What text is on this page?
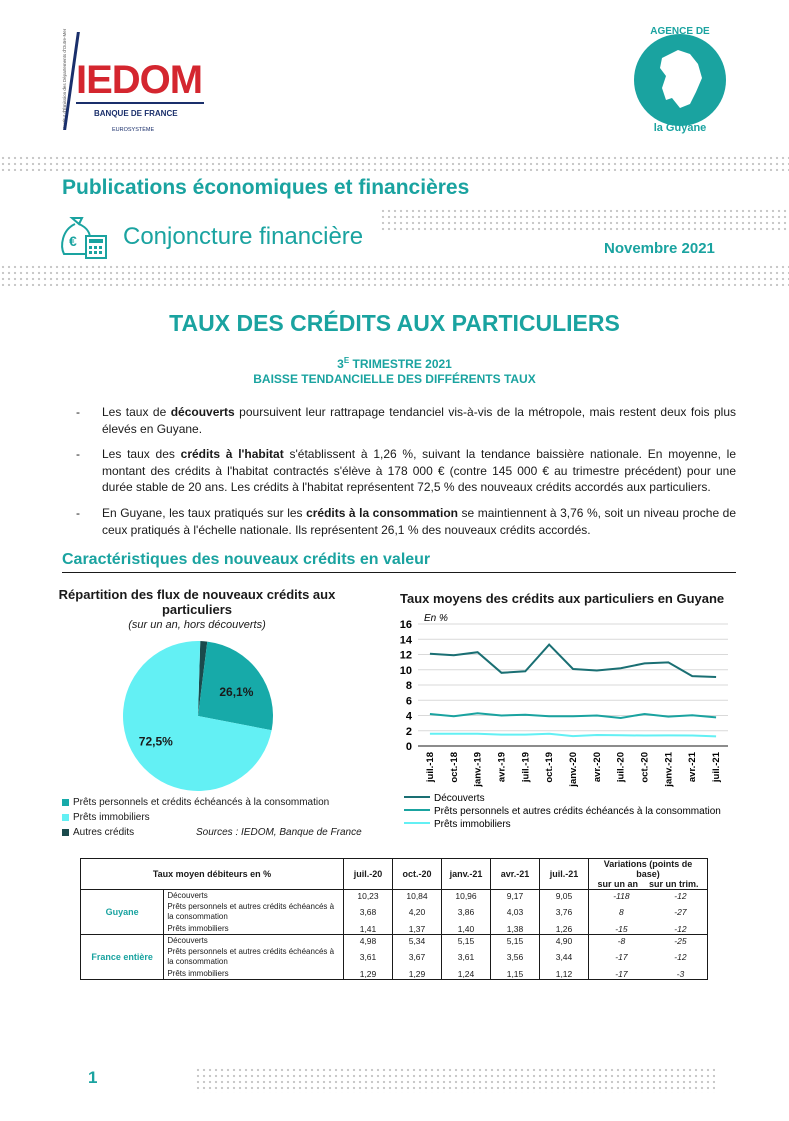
Institut d'Émission des Départements d'Outre-Mer IEDOM
BANQUE DE FRANCE
EUROSYSTÈME
AGENCE DE
la Guyane
Publications économiques et financières
€ Conjoncture financière	Novembre 2021
TAUX DES CRÉDITS AUX PARTICULIERS
$3^E$ TRIMESTRE 2021
BAISSE TENDANCIELLE DES DIFFÉRENTS TAUX
- Les taux de découverts poursuivent leur rattrapage tendanciel vis-à-vis de la métropole, mais restent deux fois plus élevés en Guyane.
- Les taux des crédits à l'habitat s'établissent à 1,26 %, suivant la tendance baissière nationale. En moyenne, le montant des crédits à l'habitat contractés s'élève à 178 000 € (contre 145 000 € au trimestre précédent) pour une durée stable de 20 ans. Les crédits à l'habitat représentent 72,5 % des nouveaux crédits accordés aux particuliers.
- En Guyane, les taux pratiqués sur les crédits à la consommation se maintiennent à 3,76 %, soit un niveau proche de ceux pratiqués à l'échelle nationale. Ils représentent 26,1 % des nouveaux crédits accordés.
Caractéristiques des nouveaux crédits en valeur
Répartition des flux de nouveaux crédits aux particuliers
(sur un an, hors découverts)
26,1%
72,5%
Prêts personnels et crédits échéancés à la consommation
Prêts immobiliers
Autres crédits	Sources : IEDOM, Banque de France
Taux moyens des crédits aux particuliers en Guyane
En %
0
2
4
6
8
10
12
14
16
juil.-18 oct.-18 janv.-19 avr.-19 juil.-19 oct.-19 janv.-20 avr.-20 juil.-20 oct.-20 janv.-21 avr.-21 juil.-21
Découverts
Prêts personnels et autres crédits échéancés à la consommation
Prêts immobiliers
Taux moyen débiteurs en %		juil.-20	oct.-20	janv.-21	avr.-21	juil.-21	Variations (points de base)
sur un an sur un trim.	

Guyane	Découverts	10,23	10,84	10,96	9,17	9,05	-118	-12
	Prêts personnels et autres crédits échéancés à la consommation	3,68	4,20	3,86	4,03	3,76	8	-27
	Prêts immobiliers	1,41	1,37	1,40	1,38	1,26	-15	-12
France entière	Découverts	4,98	5,34	5,15	5,15	4,90	-8	-25
	Prêts personnels et autres crédits échéancés à la consommation	3,61	3,67	3,61	3,56	3,44	-17	-12
	Prêts immobiliers	1,29	1,29	1,24	1,15	1,12	-17	-3
1
